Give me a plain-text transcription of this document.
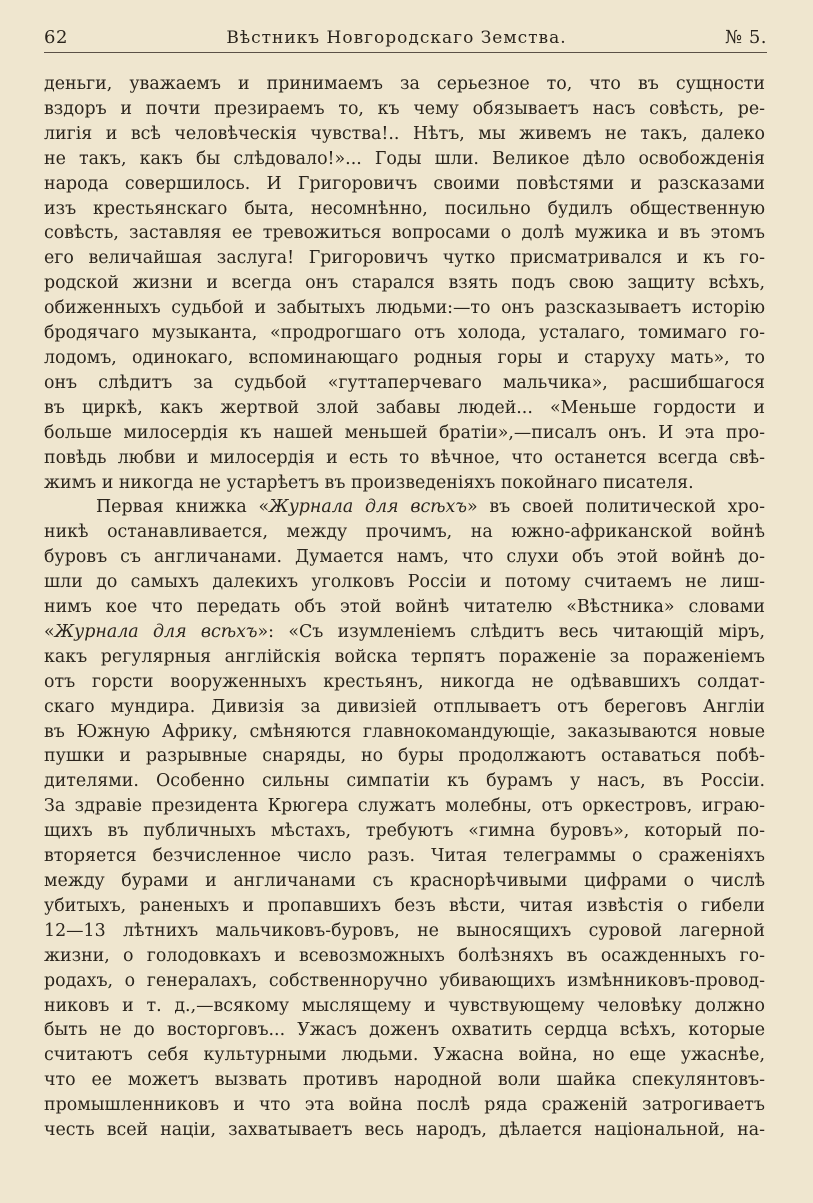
62	Вѣстникъ Новгородскаго Земства.	№ 5.

деньги, уважаемъ и принимаемъ за серьезное то, что въ сущности
вздоръ и почти презираемъ то, къ чему обязываетъ насъ совѣсть, ре-
лигія и всѣ человѣческія чувства!.. Нѣтъ, мы живемъ не такъ, далеко
не такъ, какъ бы слѣдовало!»... Годы шли. Великое дѣло освобожденія
народа совершилось. И Григоровичъ своими повѣстями и разсказами
изъ крестьянскаго быта, несомнѣнно, посильно будилъ общественную
совѣсть, заставляя ее тревожиться вопросами о долѣ мужика и въ этомъ
его величайшая заслуга! Григоровичъ чутко присматривался и къ го-
родской жизни и всегда онъ старался взять подъ свою защиту всѣхъ,
обиженныхъ судьбой и забытыхъ людьми:—то онъ разсказываетъ исторію
бродячаго музыканта, «продрогшаго отъ холода, усталаго, томимаго го-
лодомъ, одинокаго, вспоминающаго родныя горы и старуху мать», то
онъ слѣдитъ за судьбой «гуттаперчеваго мальчика», расшибшагося
въ циркѣ, какъ жертвой злой забавы людей... «Меньше гордости и
больше милосердія къ нашей меньшей братіи»,—писалъ онъ. И эта про-
повѣдь любви и милосердія и есть то вѣчное, что останется всегда свѣ-
жимъ и никогда не устарѣетъ въ произведеніяхъ покойнаго писателя.

Первая книжка «Журнала для всѣхъ» въ своей политической хро-
никѣ останавливается, между прочимъ, на южно-африканской войнѣ
буровъ съ англичанами. Думается намъ, что слухи объ этой войнѣ до-
шли до самыхъ далекихъ уголковъ Россіи и потому считаемъ не лиш-
нимъ кое что передать объ этой войнѣ читателю «Вѣстника» словами
«Журнала для всѣхъ»: «Съ изумленіемъ слѣдитъ весь читающій міръ,
какъ регулярныя англійскія войска терпятъ пораженіе за пораженіемъ
отъ горсти вооруженныхъ крестьянъ, никогда не одѣвавшихъ солдат-
скаго мундира. Дивизія за дивизіей отплываетъ отъ береговъ Англіи
въ Южную Африку, смѣняются главнокомандующіе, заказываются новые
пушки и разрывные снаряды, но буры продолжаютъ оставаться побѣ-
дителями. Особенно сильны симпатіи къ бурамъ у насъ, въ Россіи.
За здравіе президента Крюгера служатъ молебны, отъ оркестровъ, играю-
щихъ въ публичныхъ мѣстахъ, требуютъ «гимна буровъ», который по-
вторяется безчисленное число разъ. Читая телеграммы о сраженіяхъ
между бурами и англичанами съ краснорѣчивыми цифрами о числѣ
убитыхъ, раненыхъ и пропавшихъ безъ вѣсти, читая извѣстія о гибели
12—13 лѣтнихъ мальчиковъ-буровъ, не выносящихъ суровой лагерной
жизни, о голодовкахъ и всевозможныхъ болѣзняхъ въ осажденныхъ го-
родахъ, о генералахъ, собственноручно убивающихъ измѣнниковъ-провод-
никовъ и т. д.,—всякому мыслящему и чувствующему человѣку должно
быть не до восторговъ... Ужасъ доженъ охватить сердца всѣхъ, которые
считаютъ себя культурными людьми. Ужасна война, но еще ужаснѣе,
что ее можетъ вызвать противъ народной воли шайка спекулянтовъ-
промышленниковъ и что эта война послѣ ряда сраженій затрогиваетъ
честь всей націи, захватываетъ весь народъ, дѣлается національной, на-
